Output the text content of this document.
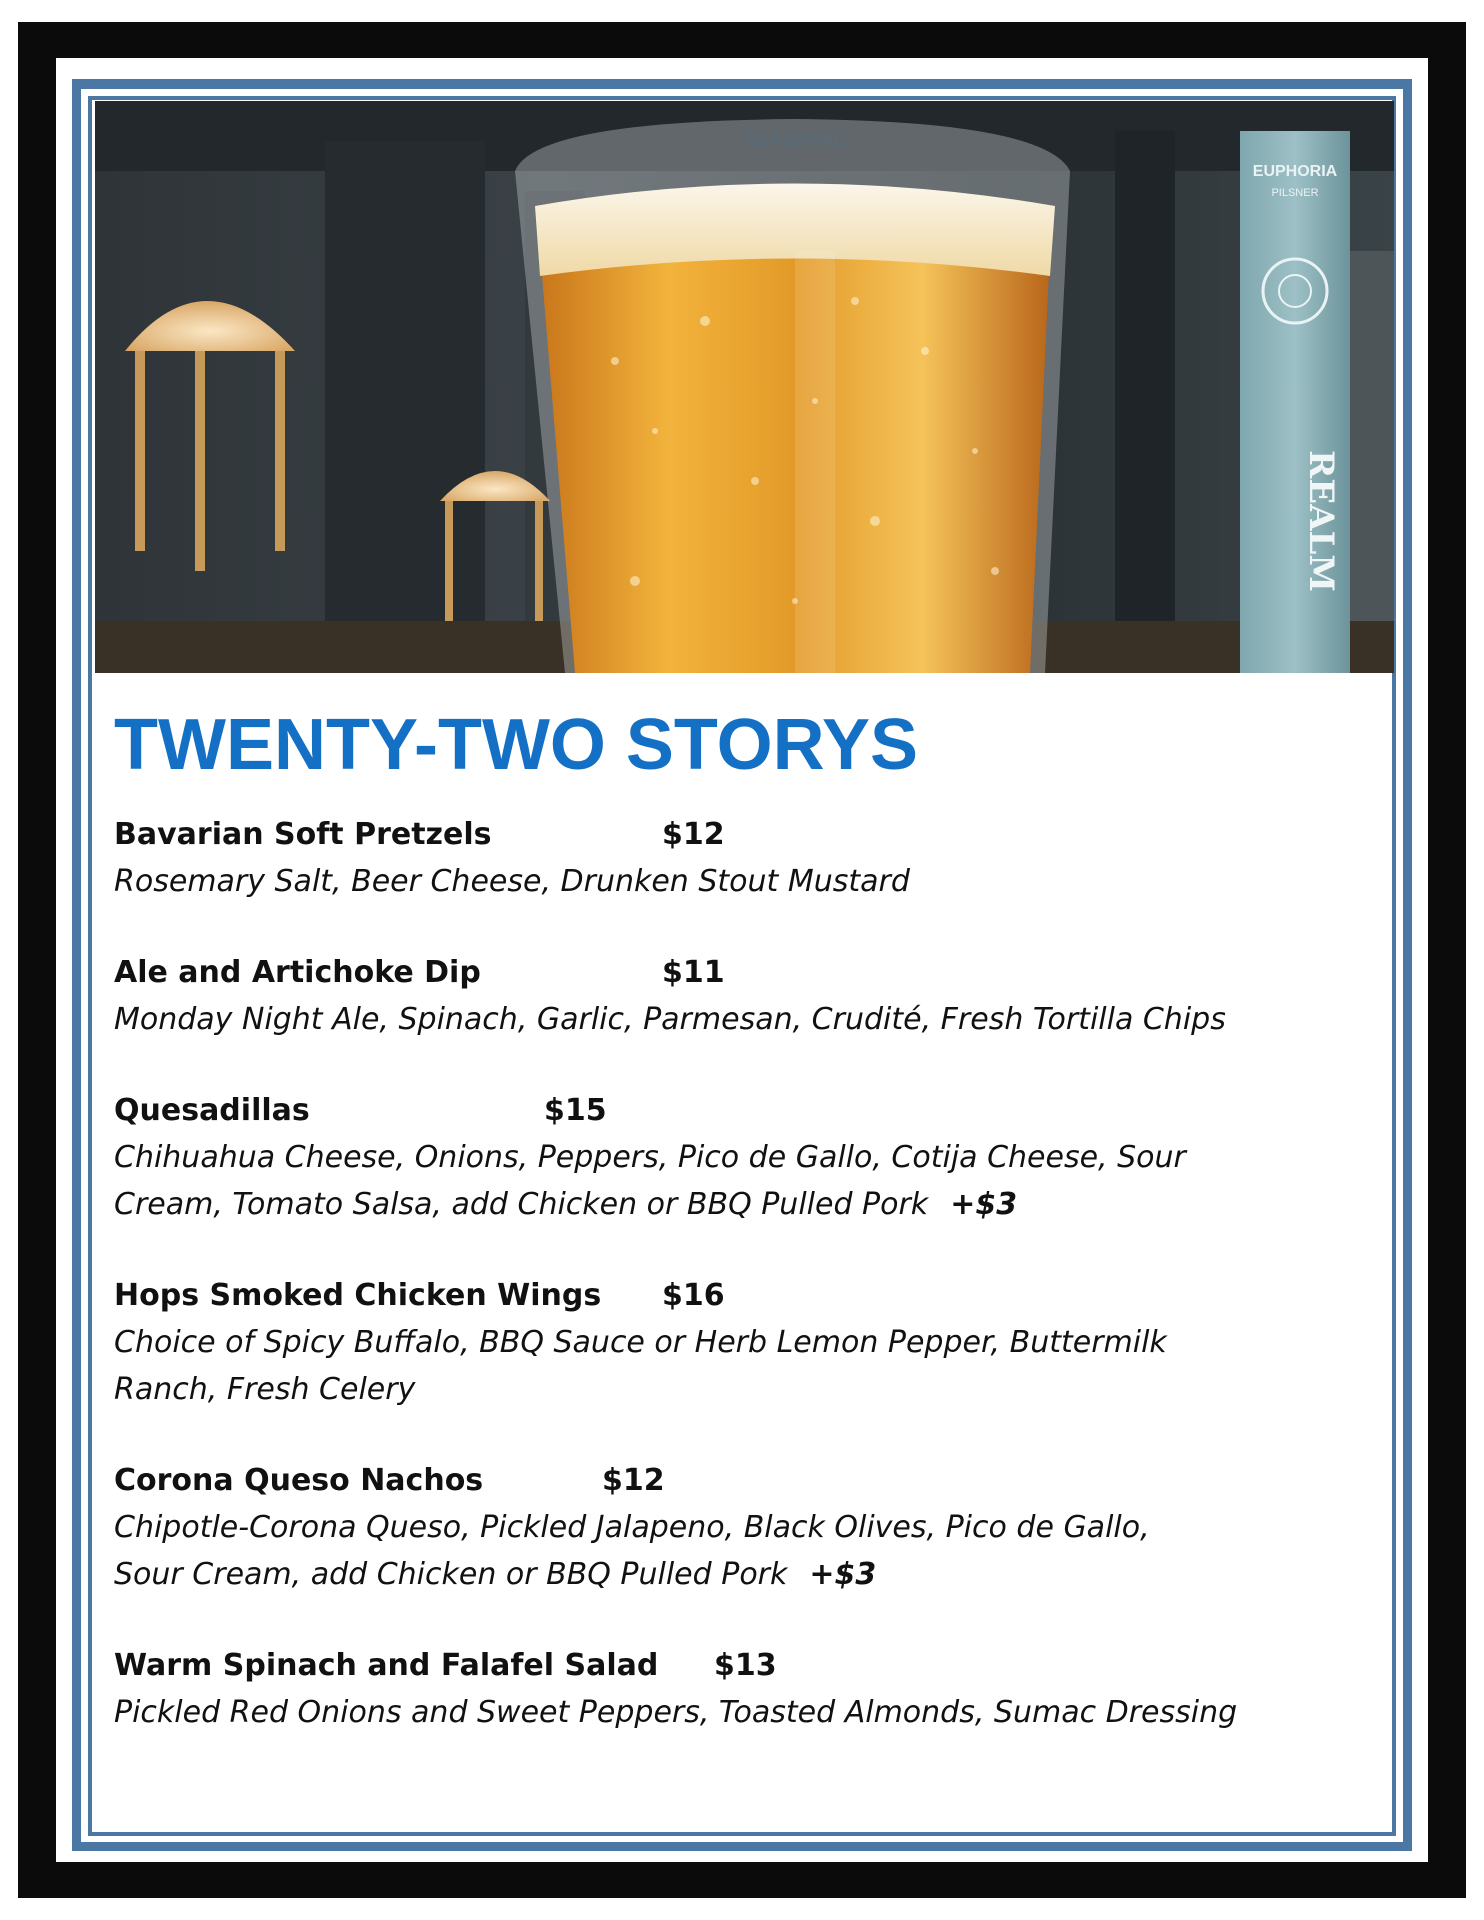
SEASONAL
EUPHORIA
PILSNER
REALM
TWENTY-TWO STORYS
Bavarian Soft Pretzels	$12
Rosemary Salt, Beer Cheese, Drunken Stout Mustard
Ale and Artichoke Dip	$11
Monday Night Ale, Spinach, Garlic, Parmesan, Crudité, Fresh Tortilla Chips
Quesadillas	$15
Chihuahua Cheese, Onions, Peppers, Pico de Gallo, Cotija Cheese, Sour
Cream, Tomato Salsa, add Chicken or BBQ Pulled Pork +$3
Hops Smoked Chicken Wings $16
Choice of Spicy Buffalo, BBQ Sauce or Herb Lemon Pepper, Buttermilk
Ranch, Fresh Celery
Corona Queso Nachos	$12
Chipotle-Corona Queso, Pickled Jalapeno, Black Olives, Pico de Gallo,
Sour Cream, add Chicken or BBQ Pulled Pork +$3
Warm Spinach and Falafel Salad $13
Pickled Red Onions and Sweet Peppers, Toasted Almonds, Sumac Dressing
